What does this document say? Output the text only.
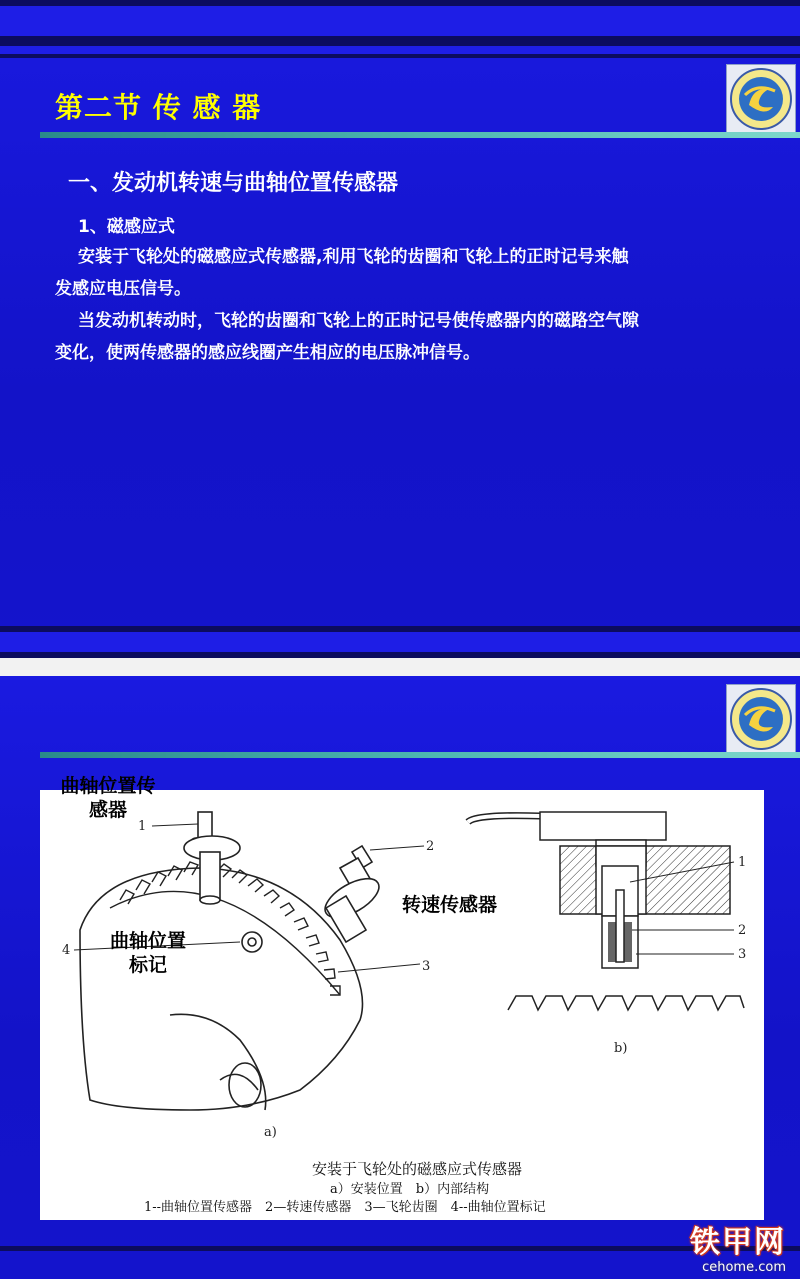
第二节 传 感 器
一、发动机转速与曲轴位置传感器
1、磁感应式
安装于飞轮处的磁感应式传感器,利用飞轮的齿圈和飞轮上的正时记号来触
发感应电压信号。
当发动机转动时，飞轮的齿圈和飞轮上的正时记号使传感器内的磁路空气隙
变化，使两传感器的感应线圈产生相应的电压脉冲信号。
1
2
3
4
1
2
3
b)
a)
安装于飞轮处的磁感应式传感器
a）安装位置　b）内部结构
1--曲轴位置传感器　2—转速传感器　3—飞轮齿圈　4--曲轴位置标记
曲轴位置传
感器
转速传感器
曲轴位置
标记
铁甲网
cehome.com
